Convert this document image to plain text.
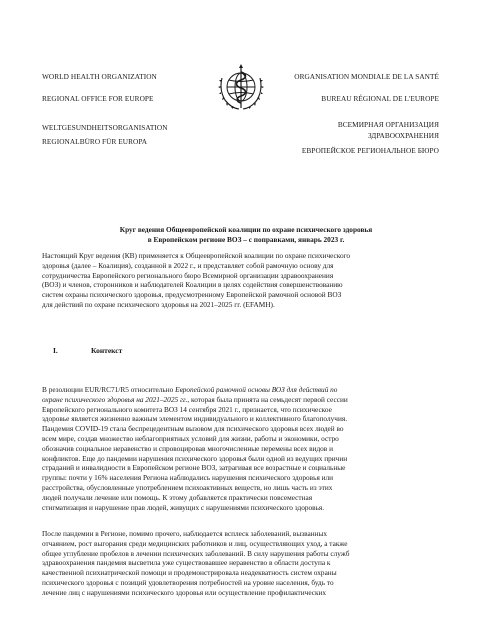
WORLD HEALTH ORGANIZATION
REGIONAL OFFICE FOR EUROPE
WELTGESUNDHEITSORGANISATION
REGIONALBÜRO FÜR EUROPA
ORGANISATION MONDIALE DE LA SANTÉ
BUREAU RÉGIONAL DE L'EUROPE
ВСЕМИРНАЯ ОРГАНИЗАЦИЯ
ЗДРАВООХРАНЕНИЯ
ЕВРОПЕЙСКОЕ РЕГИОНАЛЬНОЕ БЮРО
Круг ведения Общеевропейской коалиции по охране психического здоровья
в Европейском регионе ВОЗ – с поправками, январь 2023 г.
Настоящий Круг ведения (КВ) применяется к Общеевропейской коалиции по охране психического
здоровья (далее – Коалиция), созданной в 2022 г., и представляет собой рамочную основу для
сотрудничества Европейского регионального бюро Всемирной организации здравоохранения
(ВОЗ) и членов, сторонников и наблюдателей Коалиции в целях содействия совершенствованию
систем охраны психического здоровья, предусмотренному Европейской рамочной основой ВОЗ
для действий по охране психического здоровья на 2021–2025 гг. (EFAMH).
I.	Контекст
В резолюции EUR/RC71/R5 относительно Европейской рамочной основы ВОЗ для действий по
охране психического здоровья на 2021–2025 гг., которая была принята на семьдесят первой сессии
Европейского регионального комитета ВОЗ 14 сентября 2021 г., признается, что психическое
здоровье является жизненно важным элементом индивидуального и коллективного благополучия.
Пандемия COVID-19 стала беспрецедентным вызовом для психического здоровья всех людей во
всем мире, создав множество неблагоприятных условий для жизни, работы и экономики, остро
обозначив социальное неравенство и спровоцировав многочисленные перемены всех видов и
конфликтов. Еще до пандемии нарушения психического здоровья были одной из ведущих причин
страданий и инвалидности в Европейском регионе ВОЗ, затрагивая все возрастные и социальные
группы: почти у 16% населения Региона наблюдались нарушения психического здоровья или
расстройства, обусловленные употреблением психоактивных веществ, но лишь часть из этих
людей получали лечение или помощь. К этому добавляется практически повсеместная
стигматизация и нарушение прав людей, живущих с нарушениями психического здоровья.
После пандемии в Регионе, помимо прочего, наблюдается всплеск заболеваний, вызванных
отчаянием, рост выгорания среди медицинских работников и лиц, осуществляющих уход, а также
общее углубление пробелов в лечении психических заболеваний. В силу нарушения работы служб
здравоохранения пандемия высветила уже существовавшее неравенство в области доступа к
качественной психиатрической помощи и продемонстрировала неадекватность систем охраны
психического здоровья с позиций удовлетворения потребностей на уровне населения, будь то
лечение лиц с нарушениями психического здоровья или осуществление профилактических
